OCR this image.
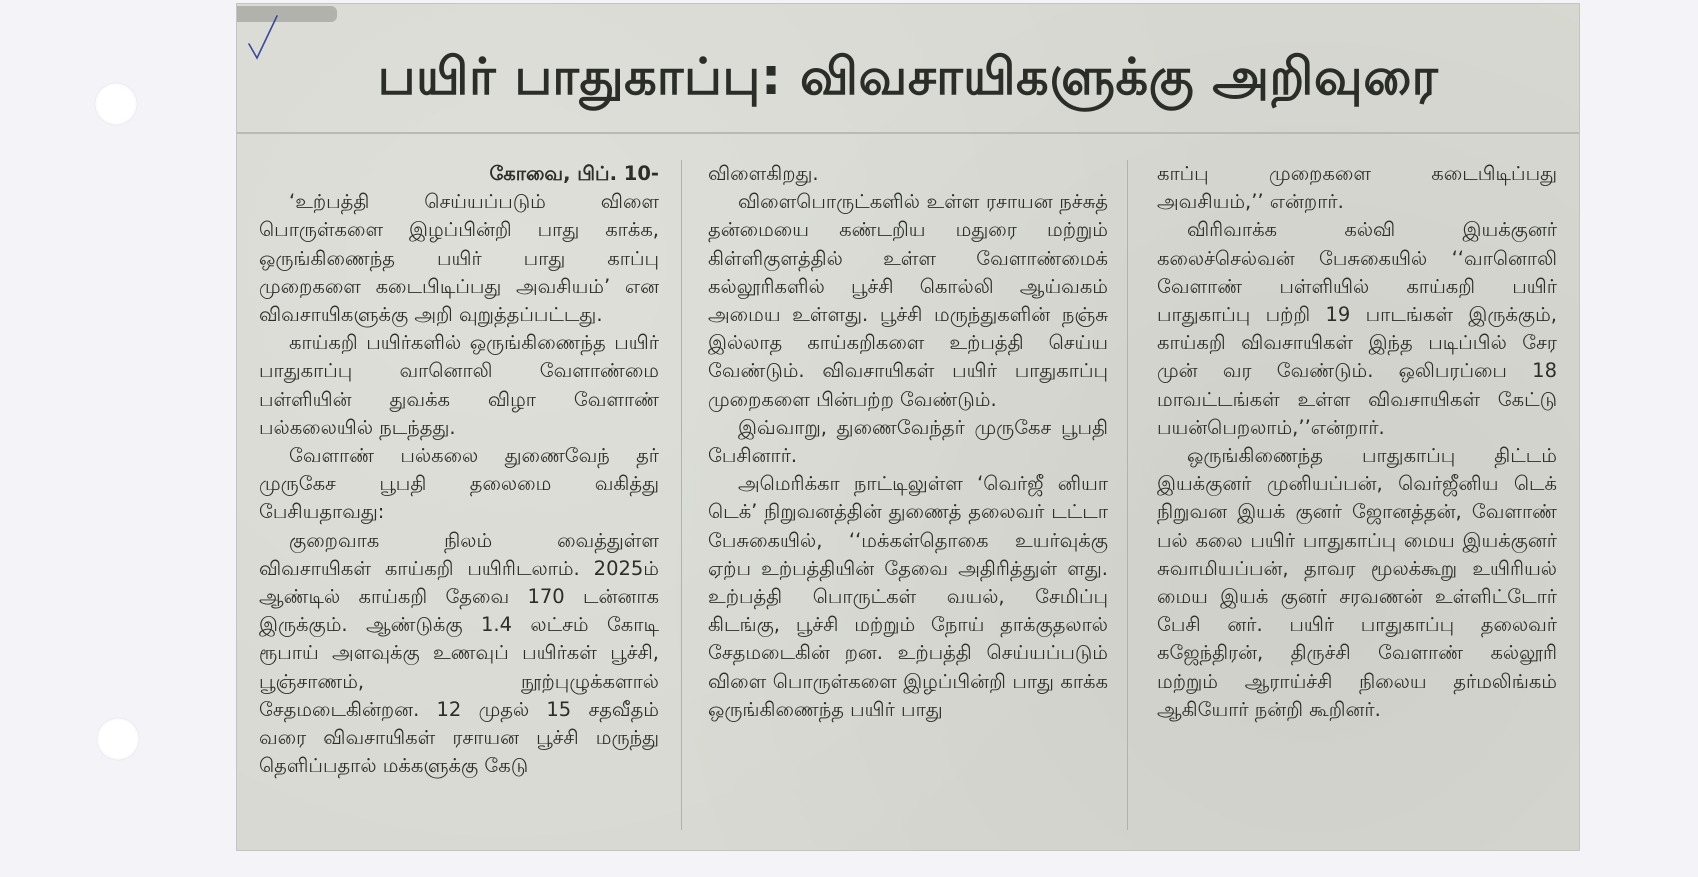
பயிர் பாதுகாப்பு: விவசாயிகளுக்கு அறிவுரை
கோவை, பிப். 10-

‘உற்பத்தி செய்யப்படும் விளை பொருள்களை இழப்பின்றி பாது காக்க, ஒருங்கிணைந்த பயிர் பாது காப்பு முறைகளை கடைபிடிப்பது அவசியம்’ என விவசாயிகளுக்கு அறி வுறுத்தப்பட்டது.

காய்கறி பயிர்களில் ஒருங்கிணைந்த பயிர் பாதுகாப்பு வானொலி வேளாண்மை பள்ளியின் துவக்க விழா வேளாண் பல்கலையில் நடந்தது.

வேளாண் பல்கலை துணைவேந் தர் முருகேச பூபதி தலைமை வகித்து பேசியதாவது:

குறைவாக நிலம் வைத்துள்ள விவசாயிகள் காய்கறி பயிரிடலாம். 2025ம் ஆண்டில் காய்கறி தேவை 170 டன்னாக இருக்கும். ஆண்டுக்கு 1.4 லட்சம் கோடி ரூபாய் அளவுக்கு உணவுப் பயிர்கள் பூச்சி, பூஞ்சாணம், நூற்புழுக்களால் சேதமடைகின்றன. 12 முதல் 15 சதவீதம் வரை விவசாயிகள் ரசாயன பூச்சி மருந்து தெளிப்பதால் மக்களுக்கு கேடு

விளைகிறது.

விளைபொருட்களில் உள்ள ரசாயன நச்சுத் தன்மையை கண்டறிய மதுரை மற்றும் கிள்ளிகுளத்தில் உள்ள வேளாண்மைக் கல்லூரிகளில் பூச்சி கொல்லி ஆய்வகம் அமைய உள்ளது. பூச்சி மருந்துகளின் நஞ்சு இல்லாத காய்கறிகளை உற்பத்தி செய்ய வேண்டும். விவசாயிகள் பயிர் பாதுகாப்பு முறைகளை பின்பற்ற வேண்டும்.

இவ்வாறு, துணைவேந்தர் முருகேச பூபதி பேசினார்.

அமெரிக்கா நாட்டிலுள்ள ‘வெர்ஜீ னியா டெக்’ நிறுவனத்தின் துணைத் தலைவர் டட்டா பேசுகையில், ‘‘மக்கள்தொகை உயர்வுக்கு ஏற்ப உற்பத்தியின் தேவை அதிரித்துள் ளது. உற்பத்தி பொருட்கள் வயல், சேமிப்பு கிடங்கு, பூச்சி மற்றும் நோய் தாக்குதலால் சேதமடைகின் றன. உற்பத்தி செய்யப்படும் விளை பொருள்களை இழப்பின்றி பாது காக்க ஒருங்கிணைந்த பயிர் பாது

காப்பு முறைகளை கடைபிடிப்பது அவசியம்,’’ என்றார்.

விரிவாக்க கல்வி இயக்குனர் கலைச்செல்வன் பேசுகையில் ‘‘வானொலி வேளாண் பள்ளியில் காய்கறி பயிர் பாதுகாப்பு பற்றி 19 பாடங்கள் இருக்கும், காய்கறி விவசாயிகள் இந்த படிப்பில் சேர முன் வர வேண்டும். ஒலிபரப்பை 18 மாவட்டங்கள் உள்ள விவசாயிகள் கேட்டு பயன்பெறலாம்,’’என்றார்.

ஒருங்கிணைந்த பாதுகாப்பு திட்டம் இயக்குனர் முனியப்பன், வெர்ஜீனிய டெக் நிறுவன இயக் குனர் ஜோனத்தன், வேளாண் பல் கலை பயிர் பாதுகாப்பு மைய இயக்குனர் சுவாமியப்பன், தாவர மூலக்கூறு உயிரியல் மைய இயக் குனர் சரவணன் உள்ளிட்டோர் பேசி னர். பயிர் பாதுகாப்பு தலைவர் கஜேந்திரன், திருச்சி வேளாண் கல்லூரி மற்றும் ஆராய்ச்சி நிலைய தர்மலிங்கம் ஆகியோர் நன்றி கூறினர்.
